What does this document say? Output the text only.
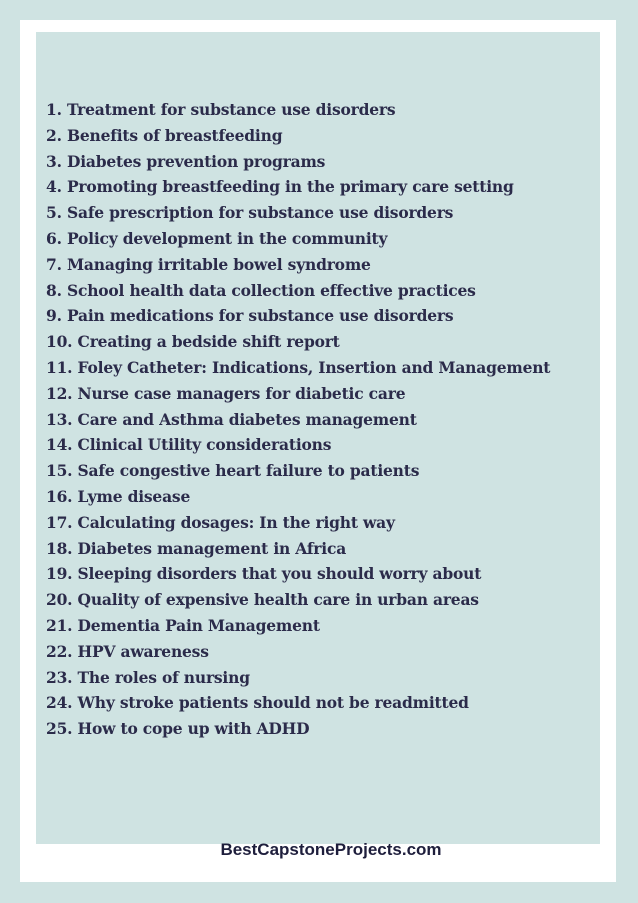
1. Treatment for substance use disorders
2. Benefits of breastfeeding
3. Diabetes prevention programs
4. Promoting breastfeeding in the primary care setting
5. Safe prescription for substance use disorders
6. Policy development in the community
7. Managing irritable bowel syndrome
8. School health data collection effective practices
9. Pain medications for substance use disorders
10. Creating a bedside shift report
11. Foley Catheter: Indications, Insertion and Management
12. Nurse case managers for diabetic care
13. Care and Asthma diabetes management
14. Clinical Utility considerations
15. Safe congestive heart failure to patients
16. Lyme disease
17. Calculating dosages: In the right way
18. Diabetes management in Africa
19. Sleeping disorders that you should worry about
20. Quality of expensive health care in urban areas
21. Dementia Pain Management
22. HPV awareness
23. The roles of nursing
24. Why stroke patients should not be readmitted
25. How to cope up with ADHD
BestCapstoneProjects.com
